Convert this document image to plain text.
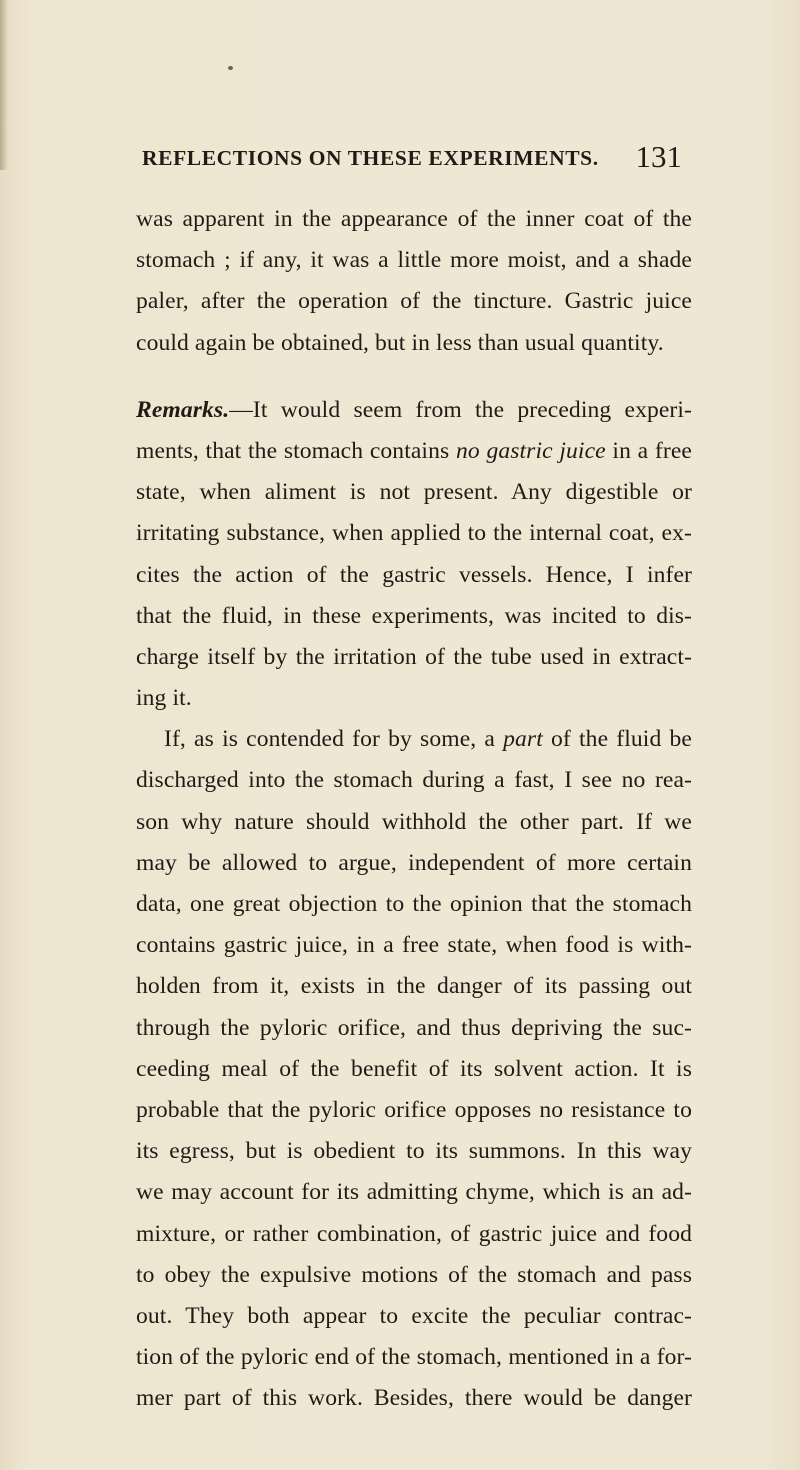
REFLECTIONS ON THESE EXPERIMENTS. 131
was apparent in the appearance of the inner coat of the
stomach ; if any, it was a little more moist, and a shade
paler, after the operation of the tincture. Gastric juice
could again be obtained, but in less than usual quantity.
Remarks.—It would seem from the preceding experi-
ments, that the stomach contains no gastric juice in a free
state, when aliment is not present. Any digestible or
irritating substance, when applied to the internal coat, ex-
cites the action of the gastric vessels. Hence, I infer
that the fluid, in these experiments, was incited to dis-
charge itself by the irritation of the tube used in extract-
ing it.
If, as is contended for by some, a part of the fluid be
discharged into the stomach during a fast, I see no rea-
son why nature should withhold the other part. If we
may be allowed to argue, independent of more certain
data, one great objection to the opinion that the stomach
contains gastric juice, in a free state, when food is with-
holden from it, exists in the danger of its passing out
through the pyloric orifice, and thus depriving the suc-
ceeding meal of the benefit of its solvent action. It is
probable that the pyloric orifice opposes no resistance to
its egress, but is obedient to its summons. In this way
we may account for its admitting chyme, which is an ad-
mixture, or rather combination, of gastric juice and food
to obey the expulsive motions of the stomach and pass
out. They both appear to excite the peculiar contrac-
tion of the pyloric end of the stomach, mentioned in a for-
mer part of this work. Besides, there would be danger
